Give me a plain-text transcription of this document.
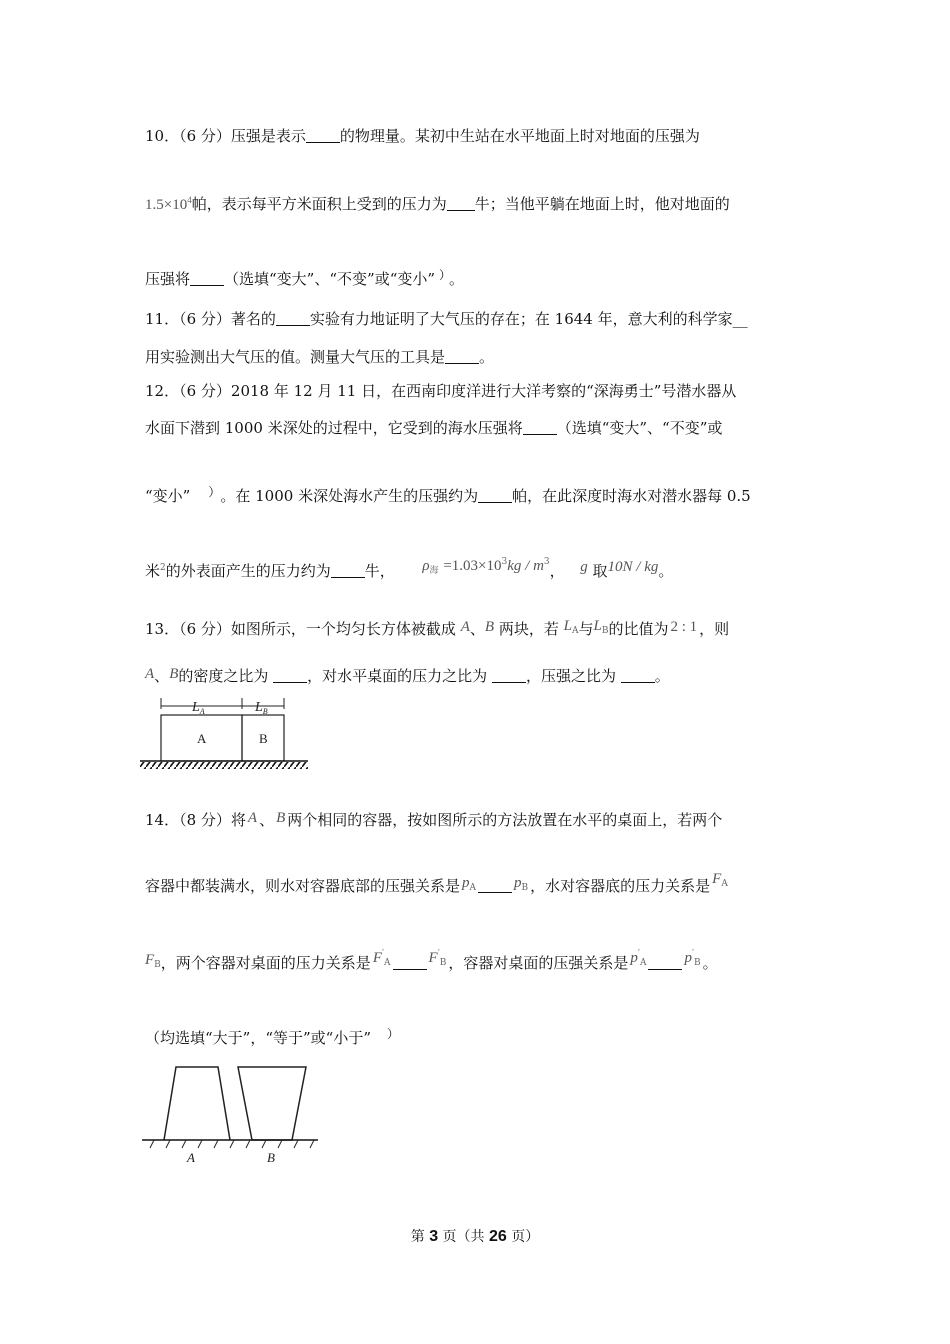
10．（6 分）压强是表示 的物理量。某初中生站在水平地面上时对地面的压强为
$1.5\times 10^4$帕，表示每平方米面积上受到的压力为 牛；当他平躺在地面上时，他对地面的
压强将 （选填“变大”、“不变”或“变小” ） 。
11．（6 分）著名的 实验有力地证明了大气压的存在；在 1644 年，意大利的科学家__
用实验测出大气压的值。测量大气压的工具是 。
12．（6 分）2018 年 12 月 11 日，在西南印度洋进行大洋考察的“深海勇士”号潜水器从
水面下潜到 1000 米深处的过程中，它受到的海水压强将 （选填“变大”、“不变”或
“变小” ） 。在 1000 米深处海水产生的压强约为 帕，在此深度时海水对潜水器每 0.5
米$^2$的外表面产生的压力约为 牛， $\rho_海 =1.03\times 10^3kg / m^3$， g 取10N / kg。
13．（6 分）如图所示，一个均匀长方体被截成 A、B 两块，若 $L_A$与$L_B$的比值为 2 : 1 ，则
A、B的密度之比为	，对水平桌面的压力之比为	，压强之比为	。
$L_A$	$L_B$
A	B
14．（8 分）将 A 、 B 两个相同的容器，按如图所示的方法放置在水平的桌面上，若两个
容器中都装满水，则水对容器底部的压强关系是 $p_A$	$p_B$ ，水对容器底的压力关系是 $F_A$
$F_B$，两个容器对桌面的压力关系是 $F'_A$	$F'_B$ ，容器对桌面的压强关系是 $p'_A$	$p'_B$ 。
（均选填“大于”，“等于”或“小于” ）
A	B
第 3 页（共 26 页）
